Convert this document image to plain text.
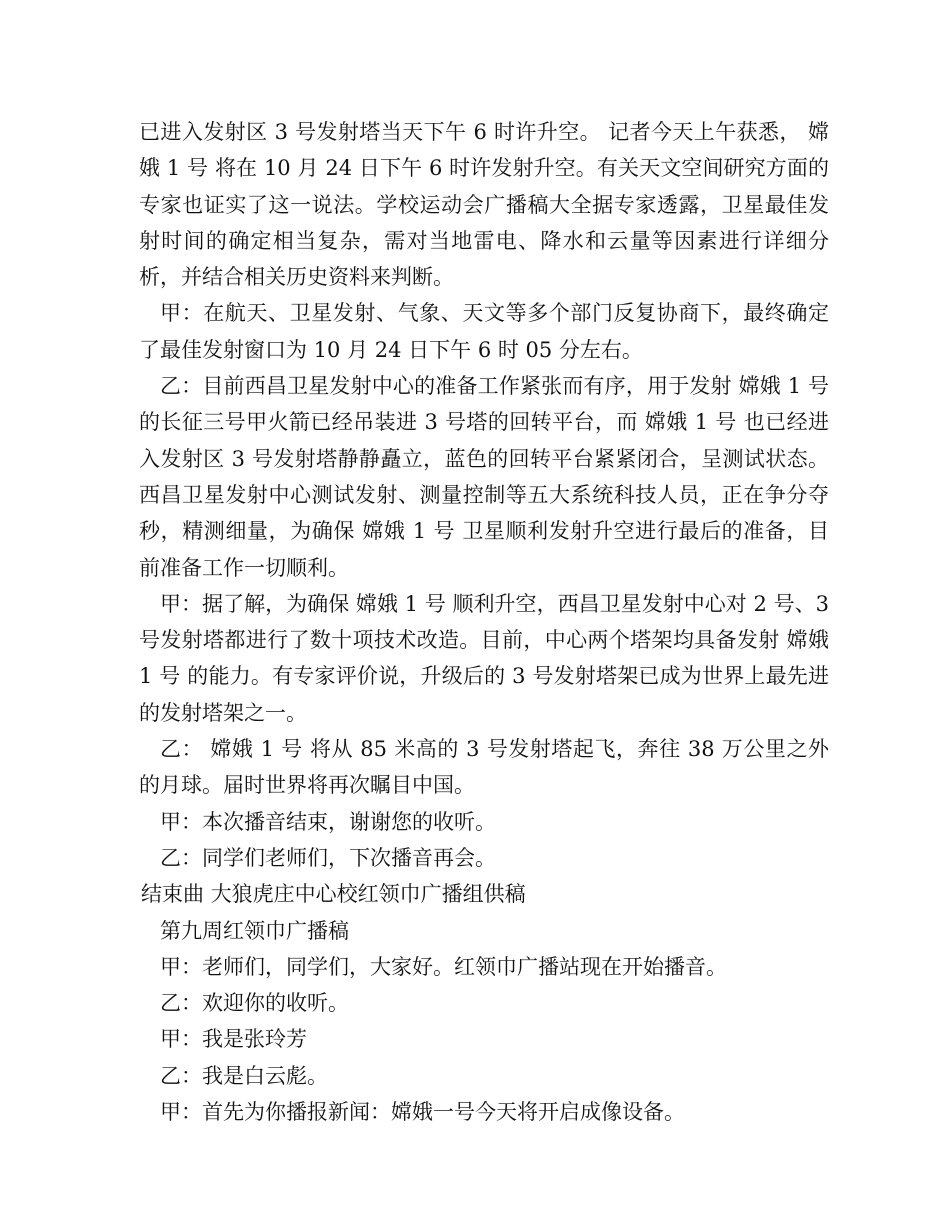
已进入发射区 3 号发射塔当天下午 6 时许升空。 记者今天上午获悉， 嫦娥 1 号 将在 10 月 24 日下午 6 时许发射升空。有关天文空间研究方面的专家也证实了这一说法。学校运动会广播稿大全据专家透露，卫星最佳发射时间的确定相当复杂，需对当地雷电、降水和云量等因素进行详细分析，并结合相关历史资料来判断。

甲：在航天、卫星发射、气象、天文等多个部门反复协商下，最终确定了最佳发射窗口为 10 月 24 日下午 6 时 05 分左右。

乙：目前西昌卫星发射中心的准备工作紧张而有序，用于发射 嫦娥 1 号 的长征三号甲火箭已经吊装进 3 号塔的回转平台，而 嫦娥 1 号 也已经进入发射区 3 号发射塔静静矗立，蓝色的回转平台紧紧闭合，呈测试状态。西昌卫星发射中心测试发射、测量控制等五大系统科技人员，正在争分夺秒，精测细量，为确保 嫦娥 1 号 卫星顺利发射升空进行最后的准备，目前准备工作一切顺利。

甲：据了解，为确保 嫦娥 1 号 顺利升空，西昌卫星发射中心对 2 号、3 号发射塔都进行了数十项技术改造。目前，中心两个塔架均具备发射 嫦娥 1 号 的能力。有专家评价说，升级后的 3 号发射塔架已成为世界上最先进的发射塔架之一。

乙： 嫦娥 1 号 将从 85 米高的 3 号发射塔起飞，奔往 38 万公里之外的月球。届时世界将再次瞩目中国。

甲：本次播音结束，谢谢您的收听。

乙：同学们老师们，下次播音再会。

结束曲 大狼虎庄中心校红领巾广播组供稿

第九周红领巾广播稿

甲：老师们，同学们，大家好。红领巾广播站现在开始播音。

乙：欢迎你的收听。

甲：我是张玲芳

乙：我是白云彪。

甲：首先为你播报新闻：嫦娥一号今天将开启成像设备。
